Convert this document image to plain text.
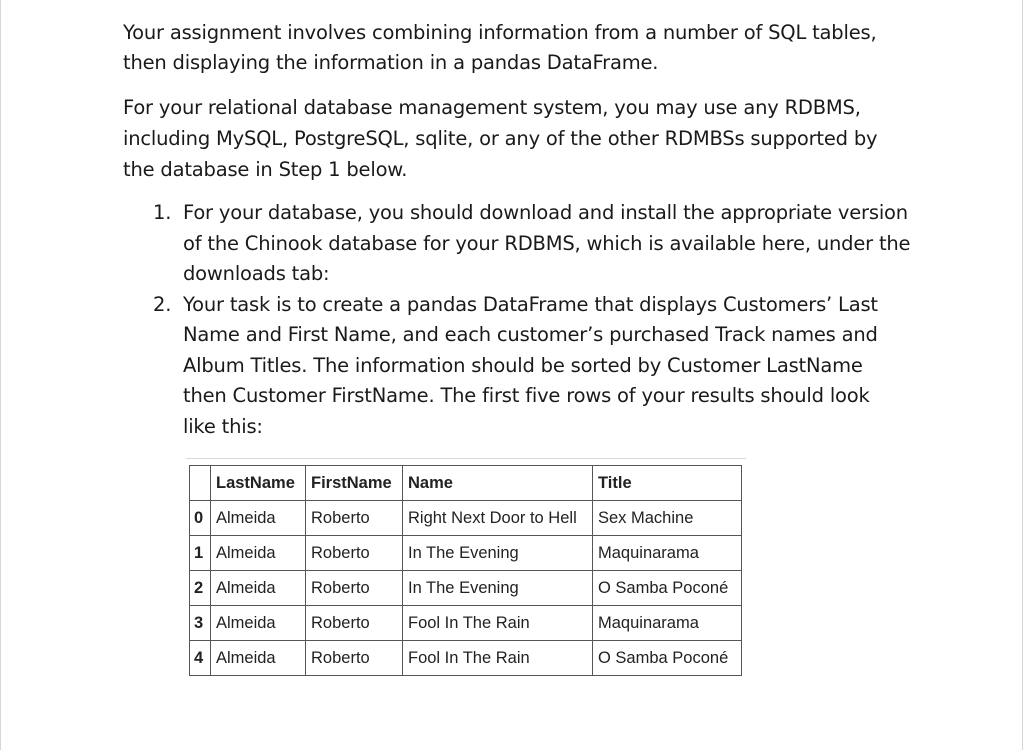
Your assignment involves combining information from a number of SQL tables,
then displaying the information in a pandas DataFrame.

For your relational database management system, you may use any RDBMS,
including MySQL, PostgreSQL, sqlite, or any of the other RDMBSs supported by
the database in Step 1 below.

1. For your database, you should download and install the appropriate version
of the Chinook database for your RDBMS, which is available here, under the
downloads tab:
2. Your task is to create a pandas DataFrame that displays Customers’ Last
Name and First Name, and each customer’s purchased Track names and
Album Titles. The information should be sorted by Customer LastName
then Customer FirstName. The first five rows of your results should look
like this:
	LastName	FirstName	Name	Title
0	Almeida	Roberto	Right Next Door to Hell	Sex Machine
1	Almeida	Roberto	In The Evening	Maquinarama
2	Almeida	Roberto	In The Evening	O Samba Poconé
3	Almeida	Roberto	Fool In The Rain	Maquinarama
4	Almeida	Roberto	Fool In The Rain	O Samba Poconé
